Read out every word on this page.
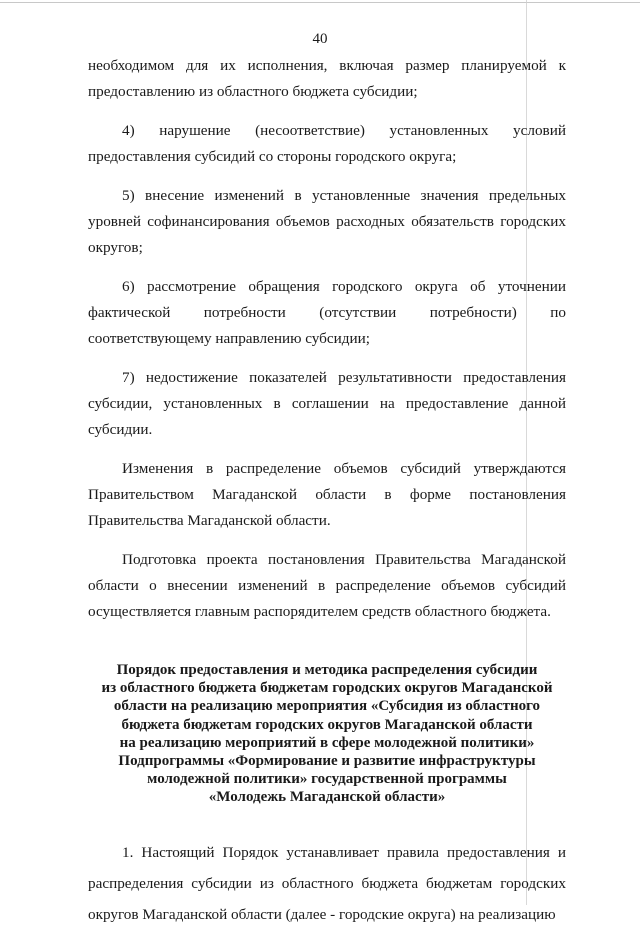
40

необходимом для их исполнения, включая размер планируемой к предоставлению из областного бюджета субсидии;

4) нарушение (несоответствие) установленных условий предоставления субсидий со стороны городского округа;

5) внесение изменений в установленные значения предельных уровней софинансирования объемов расходных обязательств городских округов;

6) рассмотрение обращения городского округа об уточнении фактической потребности (отсутствии потребности) по соответствующему направлению субсидии;

7) недостижение показателей результативности предоставления субсидии, установленных в соглашении на предоставление данной субсидии.

Изменения в распределение объемов субсидий утверждаются Правительством Магаданской области в форме постановления Правительства Магаданской области.

Подготовка проекта постановления Правительства Магаданской области о внесении изменений в распределение объемов субсидий осуществляется главным распорядителем средств областного бюджета.

Порядок предоставления и методика распределения субсидии

из областного бюджета бюджетам городских округов Магаданской

области на реализацию мероприятия «Субсидия из областного

бюджета бюджетам городских округов Магаданской области

на реализацию мероприятий в сфере молодежной политики»

Подпрограммы «Формирование и развитие инфраструктуры

молодежной политики» государственной программы

«Молодежь Магаданской области»

1. Настоящий Порядок устанавливает правила предоставления и распределения субсидии из областного бюджета бюджетам городских округов Магаданской области (далее - городские округа) на реализацию
